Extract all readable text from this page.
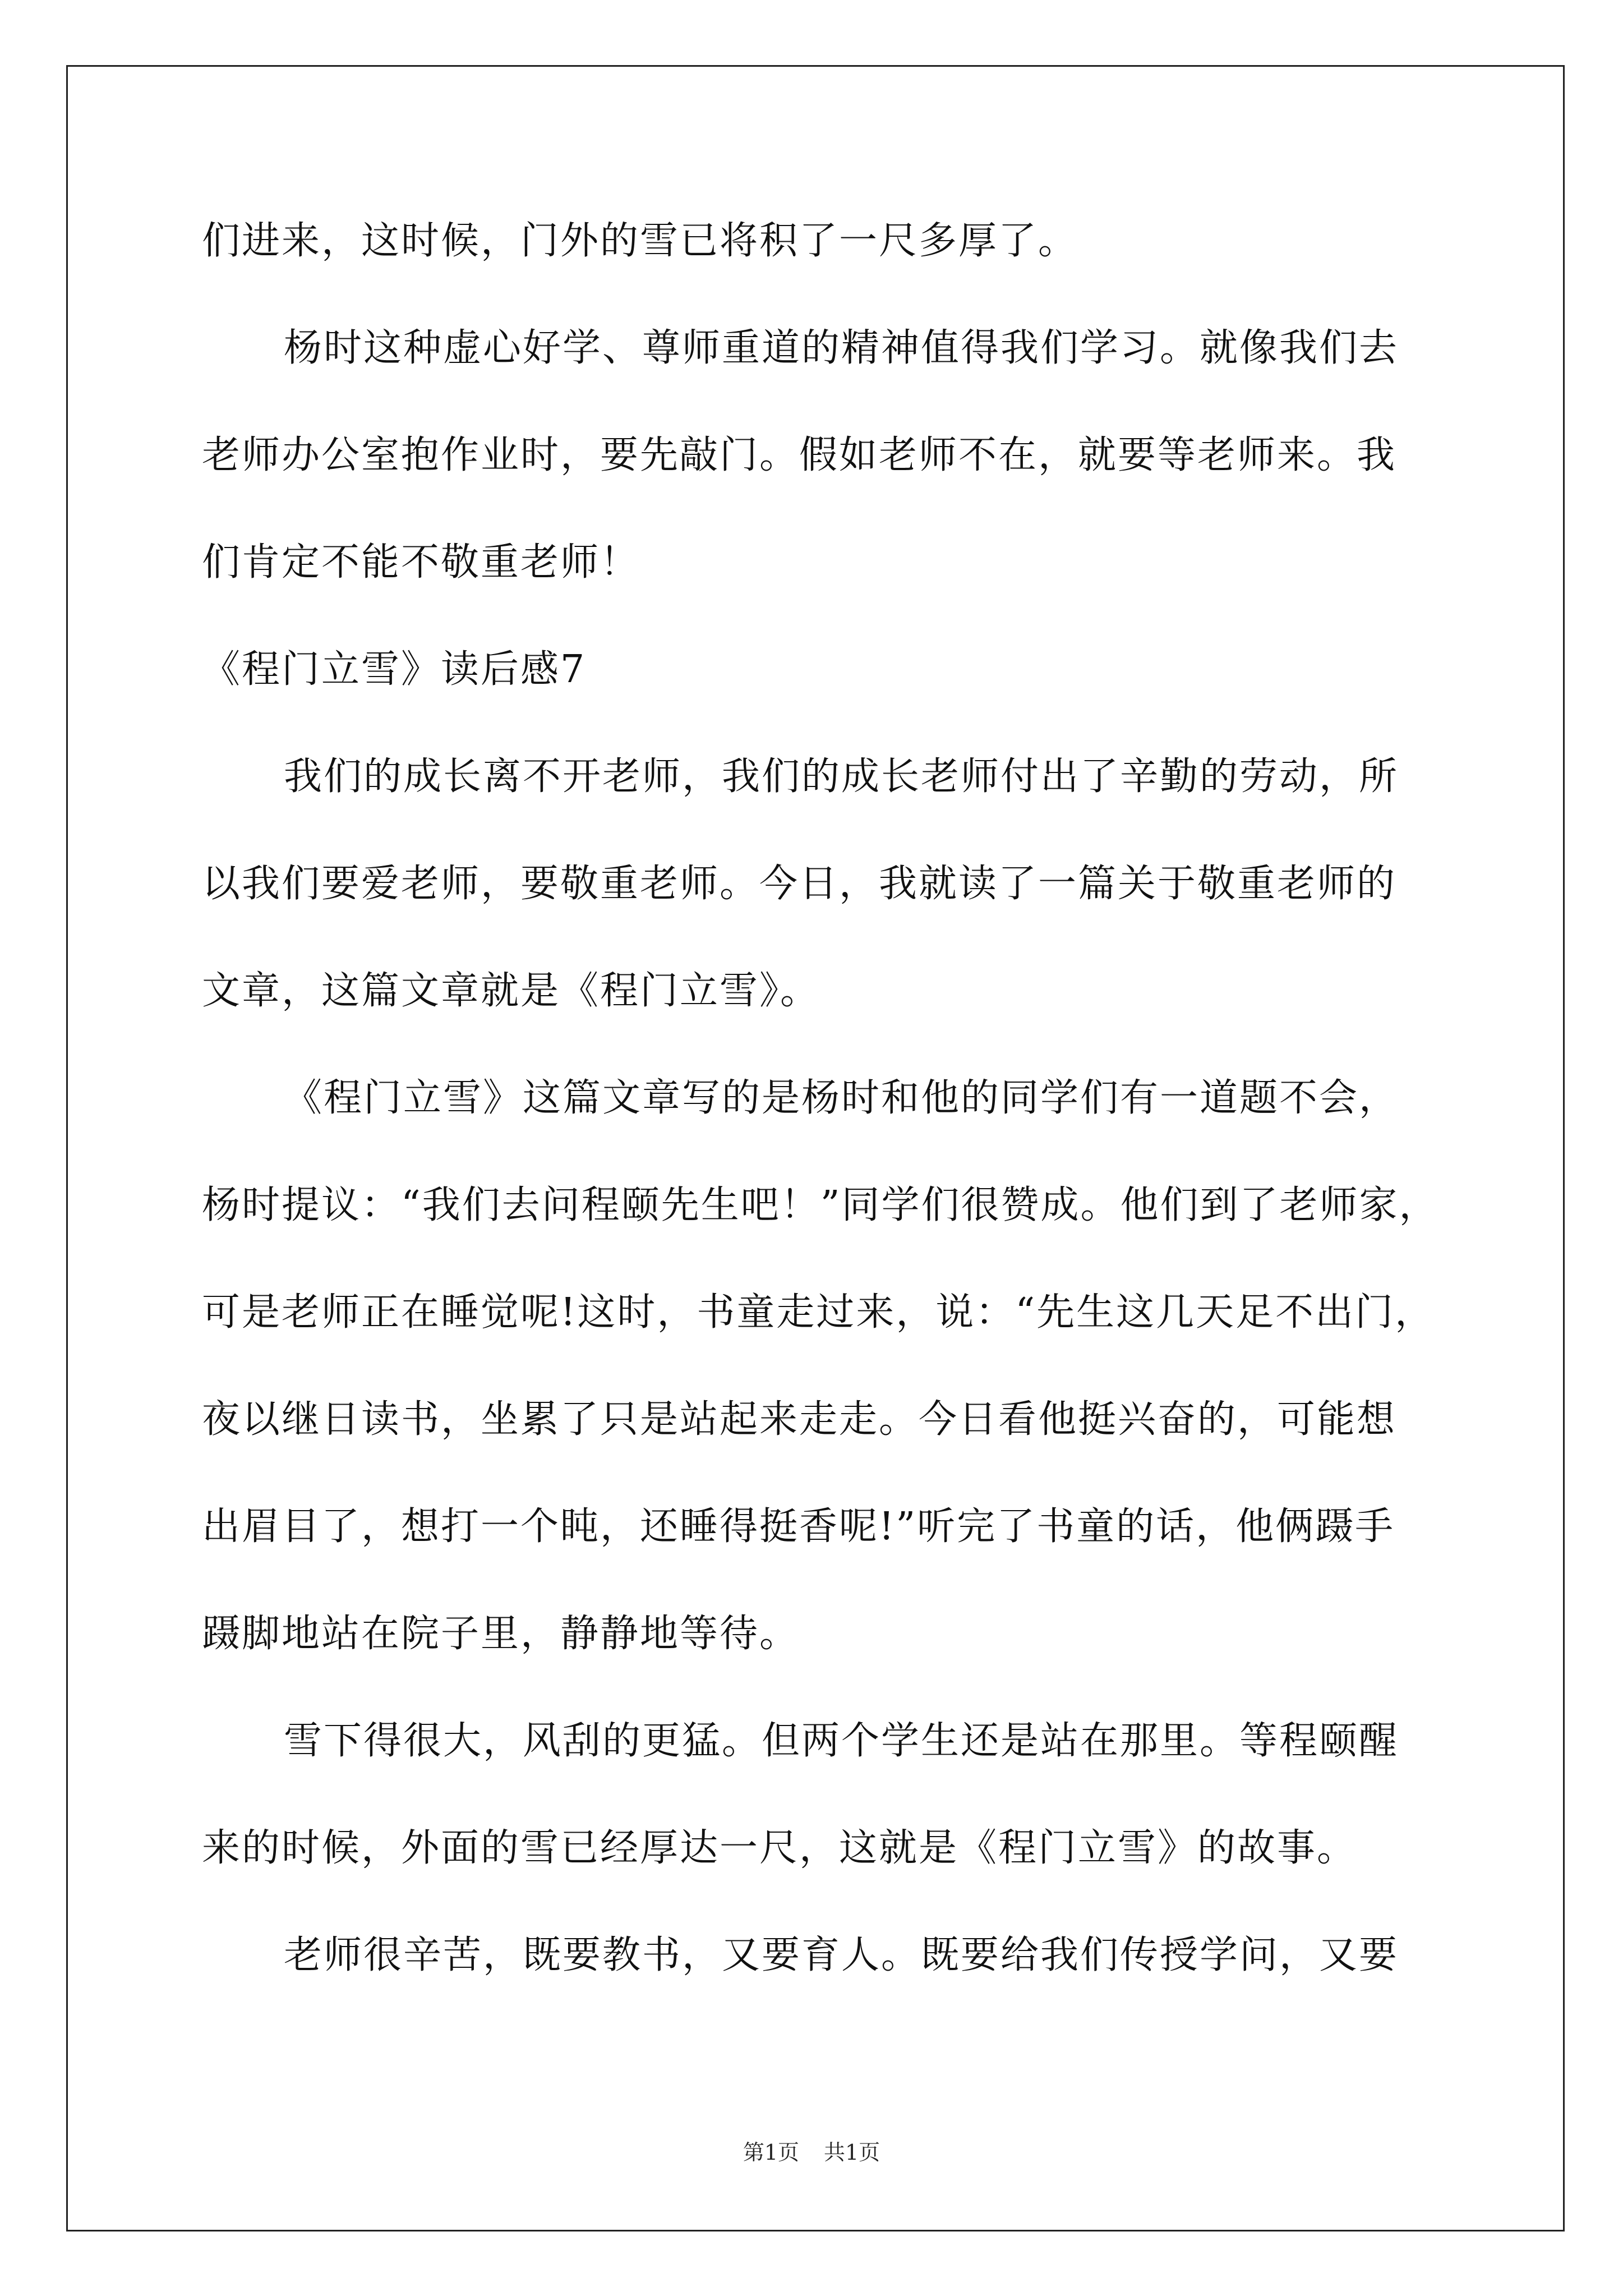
们进来，这时候，门外的雪已将积了一尺多厚了。
杨时这种虚心好学、尊师重道的精神值得我们学习。就像我们去
老师办公室抱作业时，要先敲门。假如老师不在，就要等老师来。我
们肯定不能不敬重老师！
《程门立雪》读后感7
我们的成长离不开老师，我们的成长老师付出了辛勤的劳动，所
以我们要爱老师，要敬重老师。今日，我就读了一篇关于敬重老师的
文章，这篇文章就是《程门立雪》。
《程门立雪》这篇文章写的是杨时和他的同学们有一道题不会，
杨时提议：“我们去问程颐先生吧！”同学们很赞成。他们到了老师家，
可是老师正在睡觉呢!这时，书童走过来，说：“先生这几天足不出门，
夜以继日读书，坐累了只是站起来走走。今日看他挺兴奋的，可能想
出眉目了，想打一个盹，还睡得挺香呢!”听完了书童的话，他俩蹑手
蹑脚地站在院子里，静静地等待。
雪下得很大，风刮的更猛。但两个学生还是站在那里。等程颐醒
来的时候，外面的雪已经厚达一尺，这就是《程门立雪》的故事。
老师很辛苦，既要教书，又要育人。既要给我们传授学问，又要
第1页 共1页
